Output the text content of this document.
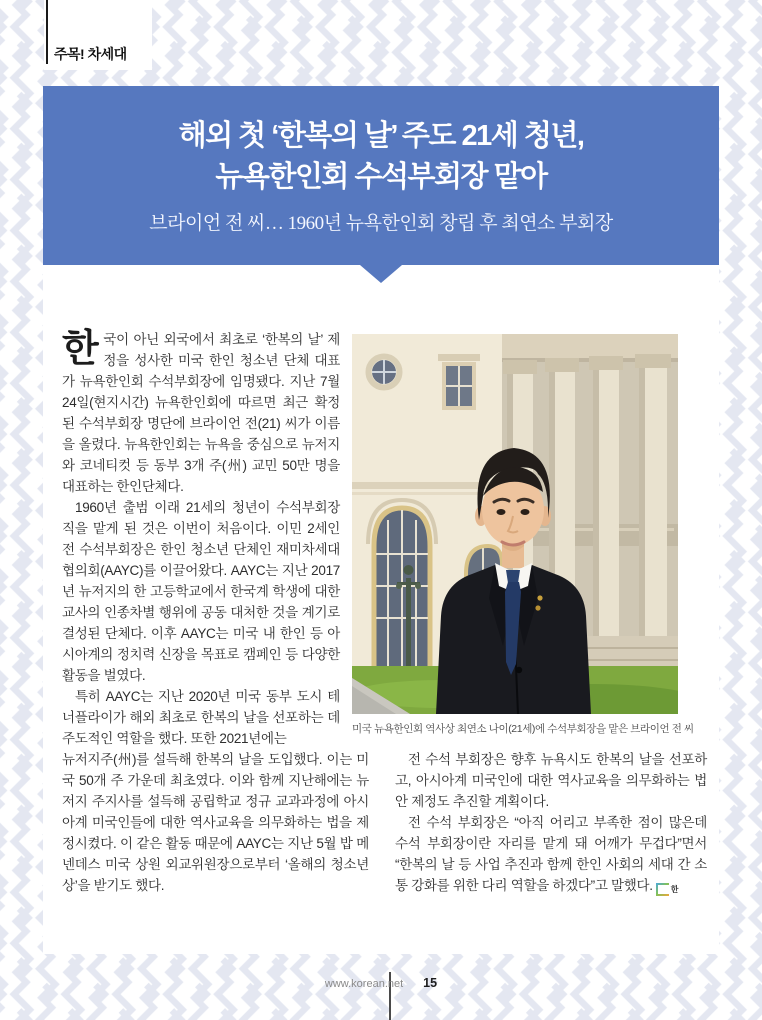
주목! 차세대
해외 첫 ‘한복의 날’ 주도 21세 청년,
뉴욕한인회 수석부회장 맡아
브라이언 전 씨… 1960년 뉴욕한인회 창립 후 최연소 부회장

한국이 아닌 외국에서 최초로 ‘한복의 날’ 제정을 성사한 미국 한인 청소년 단체 대표가 뉴욕한인회 수석부회장에 임명됐다. 지난 7월 24일(현지시간) 뉴욕한인회에 따르면 최근 확정된 수석부회장 명단에 브라이언 전(21) 씨가 이름을 올렸다. 뉴욕한인회는 뉴욕을 중심으로 뉴저지와 코네티컷 등 동부 3개 주(州) 교민 50만 명을 대표하는 한인단체다.

1960년 출범 이래 21세의 청년이 수석부회장 직을 맡게 된 것은 이번이 처음이다. 이민 2세인 전 수석부회장은 한인 청소년 단체인 재미차세대협의회(AAYC)를 이끌어왔다. AAYC는 지난 2017년 뉴저지의 한 고등학교에서 한국계 학생에 대한 교사의 인종차별 행위에 공동 대처한 것을 계기로 결성된 단체다. 이후 AAYC는 미국 내 한인 등 아시아계의 정치력 신장을 목표로 캠페인 등 다양한 활동을 벌였다.

특히 AAYC는 지난 2020년 미국 동부 도시 테너플라이가 해외 최초로 한복의 날을 선포하는 데 주도적인 역할을 했다. 또한 2021년에는

미국 뉴욕한인회 역사상 최연소 나이(21세)에 수석부회장을 맡은 브라이언 전 씨

뉴저지주(州)를 설득해 한복의 날을 도입했다. 이는 미국 50개 주 가운데 최초였다. 이와 함께 지난해에는 뉴저지 주지사를 설득해 공립학교 정규 교과과정에 아시아계 미국인들에 대한 역사교육을 의무화하는 법을 제정시켰다. 이 같은 활동 때문에 AAYC는 지난 5월 밥 메넨데스 미국 상원 외교위원장으로부터 ‘올해의 청소년 상’을 받기도 했다.

전 수석 부회장은 향후 뉴욕시도 한복의 날을 선포하고, 아시아계 미국인에 대한 역사교육을 의무화하는 법안 제정도 추진할 계획이다.

전 수석 부회장은 “아직 어리고 부족한 점이 많은데 수석 부회장이란 자리를 맡게 돼 어깨가 무겁다”면서 “한복의 날 등 사업 추진과 함께 한인 사회의 세대 간 소통 강화를 위한 다리 역할을 하겠다”고 말했다.	한

www.korean.net 15
